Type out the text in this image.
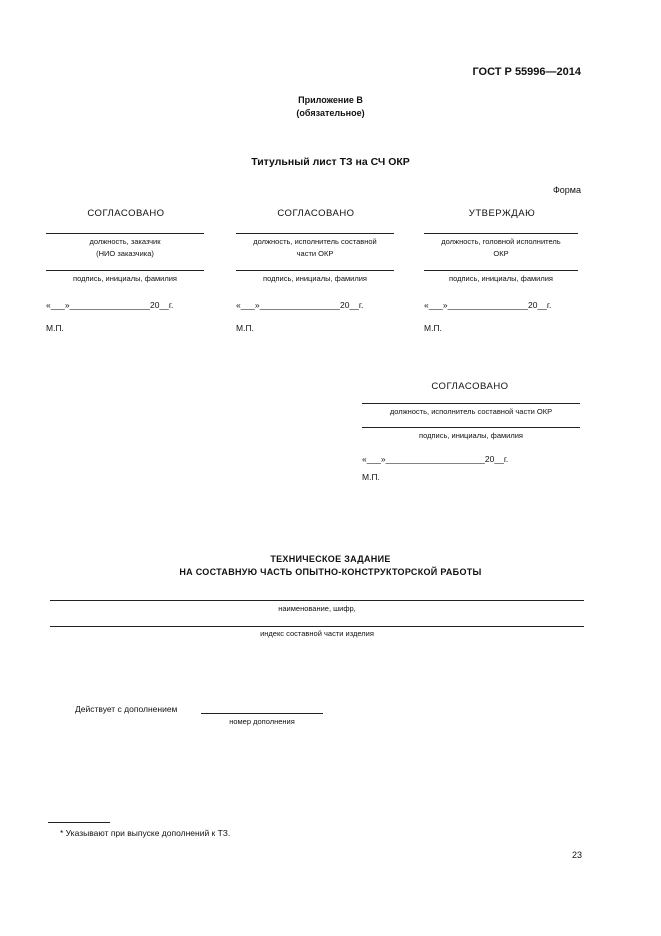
ГОСТ Р 55996—2014
Приложение В
(обязательное)
Титульный лист ТЗ на СЧ ОКР
Форма
СОГЛАСОВАНО
должность, заказчик
(НИО заказчика)
подпись, инициалы, фамилия
«___»_________________20__г.
М.П.
СОГЛАСОВАНО
должность, исполнитель составной
части ОКР
подпись, инициалы, фамилия
«___»_________________20__г.
М.П.
УТВЕРЖДАЮ
должность, головной исполнитель
ОКР
подпись, инициалы, фамилия
«___»_________________20__г.
М.П.
СОГЛАСОВАНО
должность, исполнитель составной части ОКР
подпись, инициалы, фамилия
«___»_____________________20__г.
М.П.
ТЕХНИЧЕСКОЕ ЗАДАНИЕ
НА СОСТАВНУЮ ЧАСТЬ ОПЫТНО-КОНСТРУКТОРСКОЙ РАБОТЫ
наименование, шифр,
индекс составной части изделия
Действует с дополнением
номер дополнения
* Указывают при выпуске дополнений к ТЗ.
23
